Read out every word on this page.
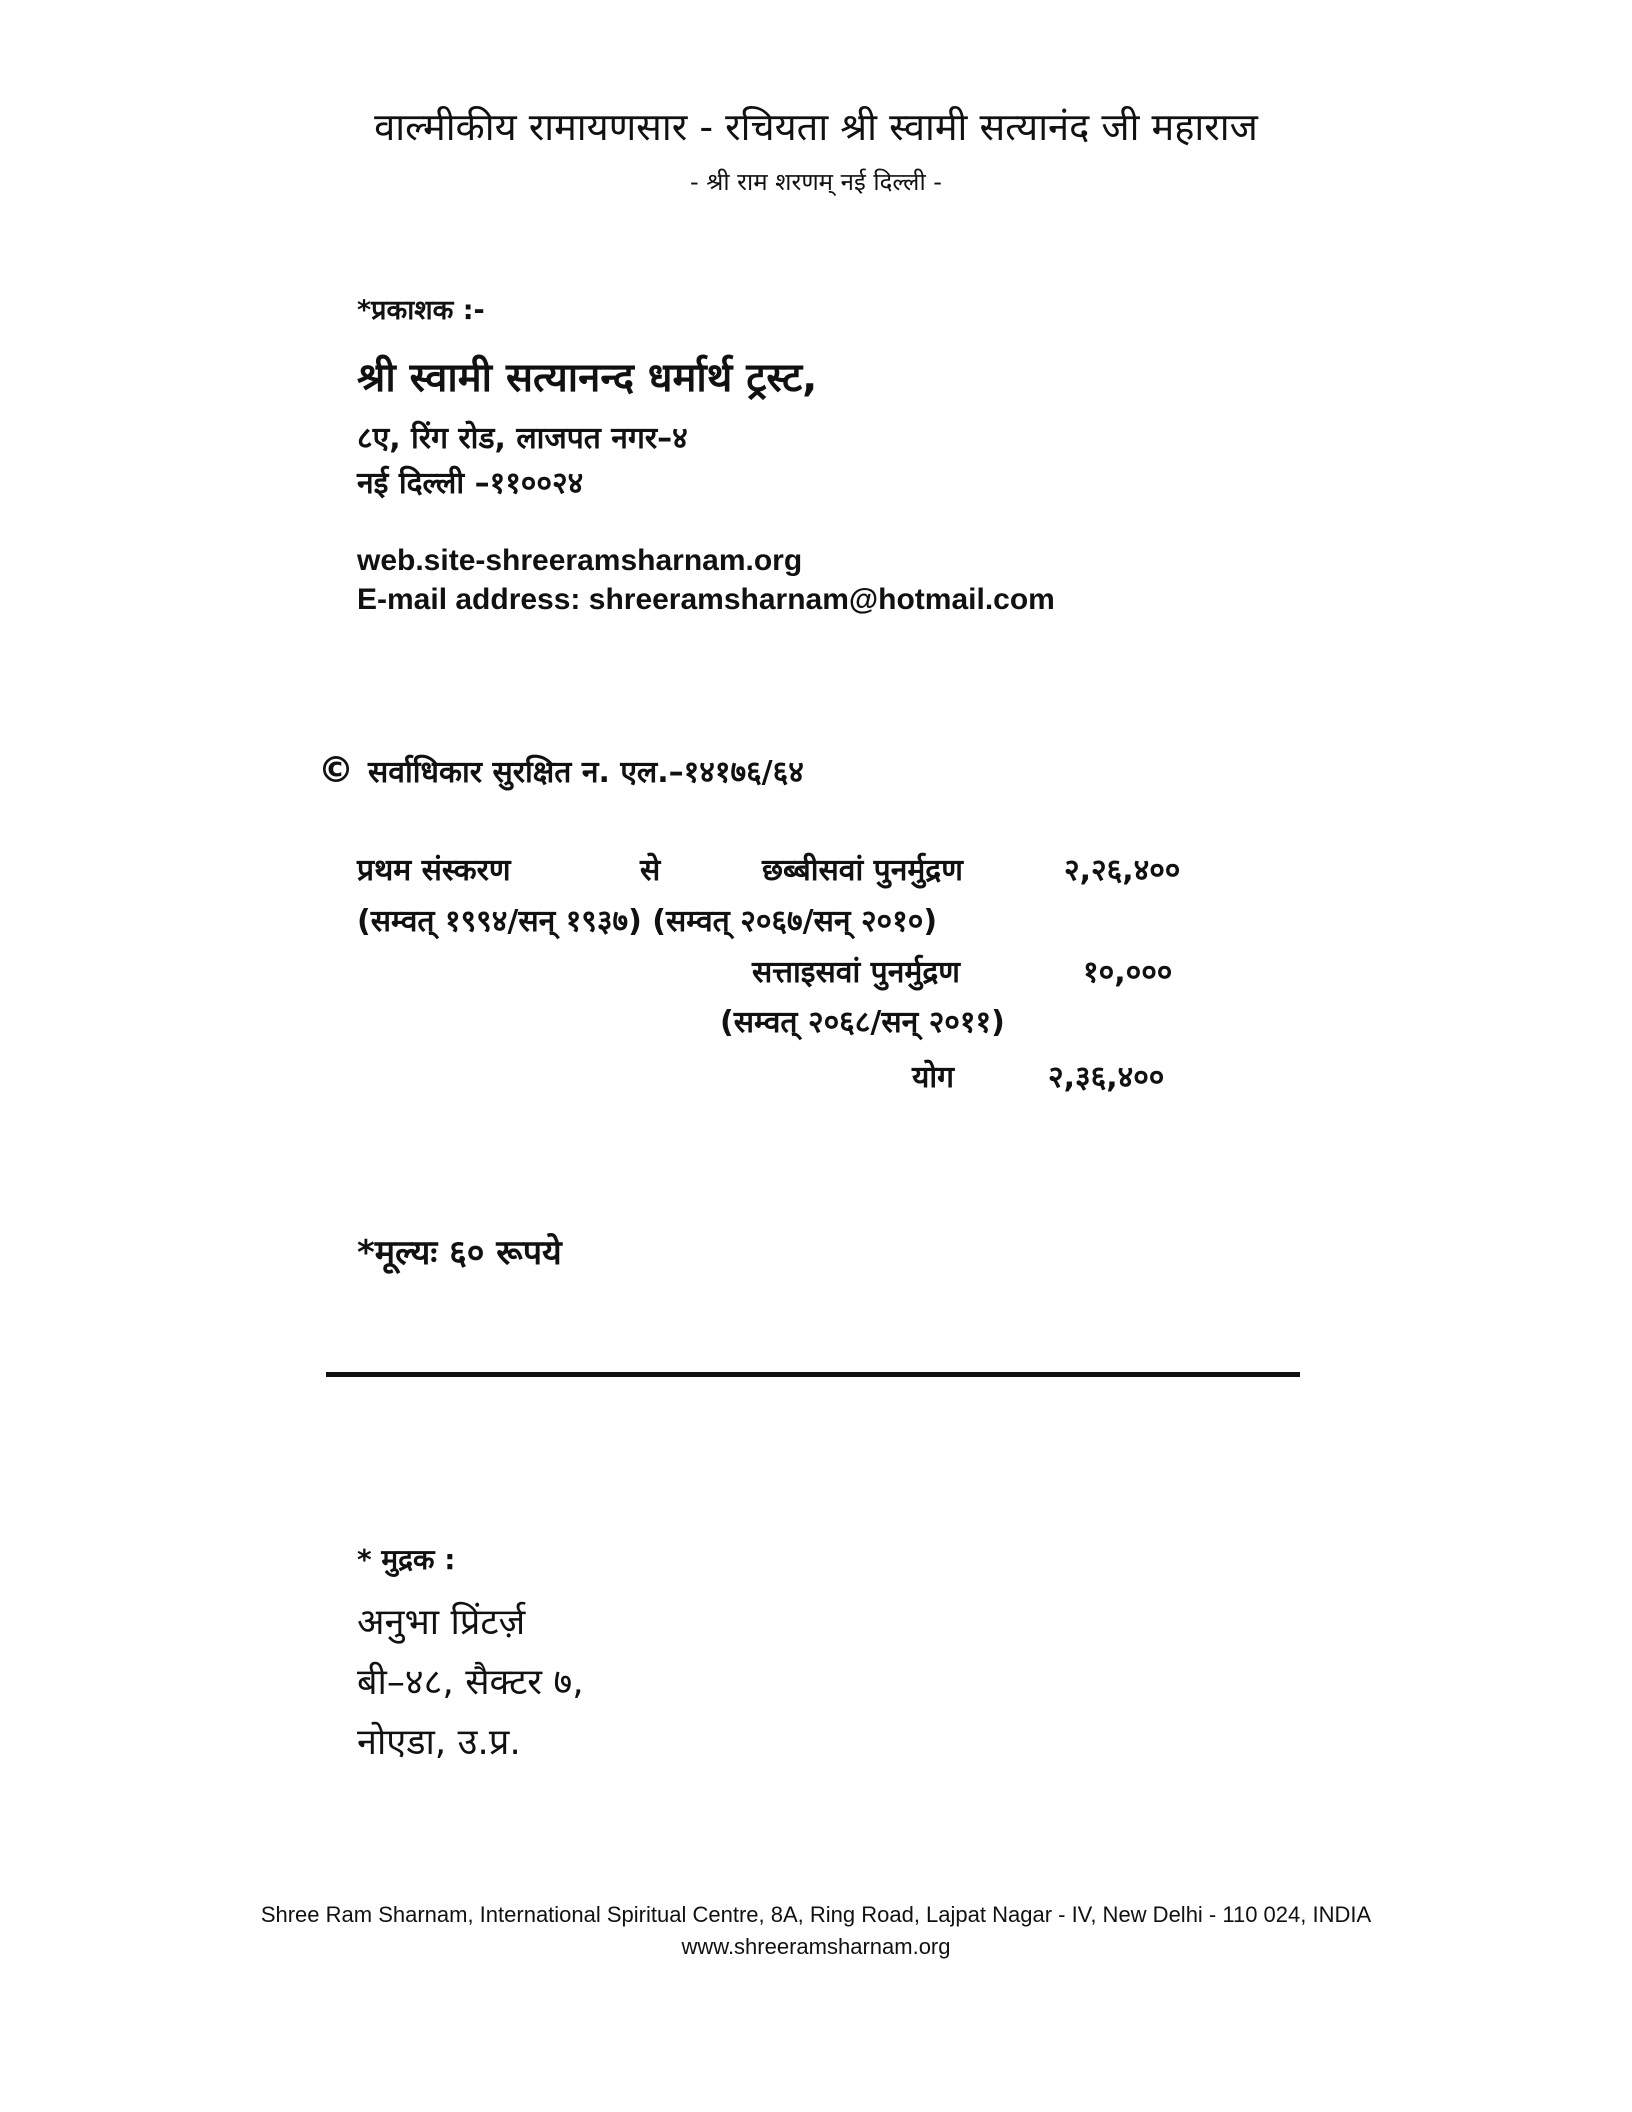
वाल्मीकीय रामायणसार - रचियता श्री स्वामी सत्यानंद जी महाराज
- श्री राम शरणम् नई दिल्ली -
*प्रकाशक :-
श्री स्वामी सत्यानन्द धर्मार्थ ट्रस्ट,
८ए, रिंग रोड, लाजपत नगर–४
नई दिल्ली –११००२४
web.site-shreeramsharnam.org
E-mail address: shreeramsharnam@hotmail.com
© सर्वाधिकार सुरक्षित न. एल.–१४१७६/६४
प्रथम संस्करण	से	छब्बीसवां पुनर्मुद्रण	२,२६,४००
(सम्वत् १९९४/सन् १९३७) (सम्वत् २०६७/सन् २०१०)
सत्ताइसवां पुनर्मुद्रण	१०,०००
(सम्वत् २०६८/सन् २०११)
योग	२,३६,४००
*मूल्यः ६० रूपये
* मुद्रक :
अनुभा प्रिंटर्ज़
बी–४८, सैक्टर ७,
नोएडा, उ.प्र.
Shree Ram Sharnam, International Spiritual Centre, 8A, Ring Road, Lajpat Nagar - IV, New Delhi - 110 024, INDIA
www.shreeramsharnam.org
